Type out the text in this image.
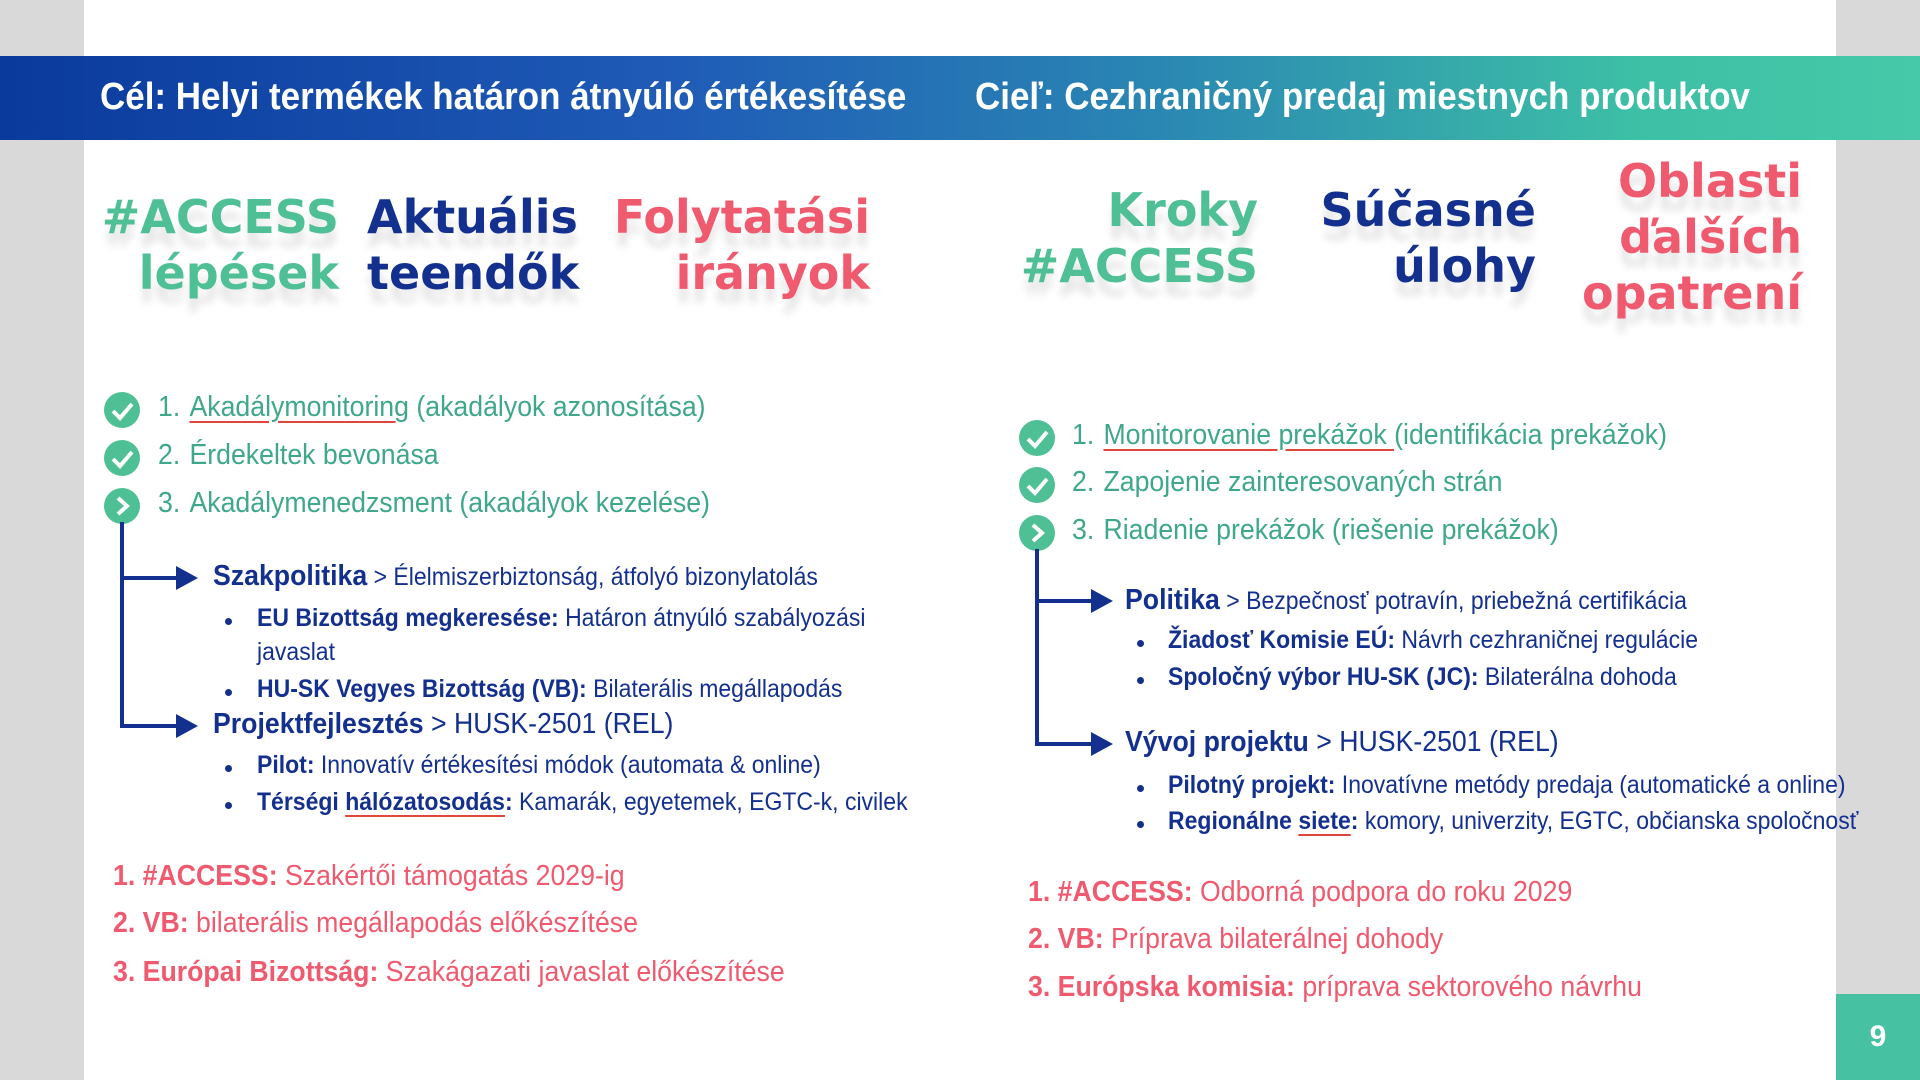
Cél: Helyi termékek határon átnyúló értékesítése Cieľ: Cezhraničný predaj miestnych produktov
#ACCESS
lépések
Aktuális
teendők
Folytatási
irányok
Kroky
#ACCESS
Súčasné
úlohy
Oblasti
ďalších
opatrení
1. Akadálymonitoring (akadályok azonosítása)
2. Érdekeltek bevonása
3. Akadálymenedzsment (akadályok kezelése)
Szakpolitika > Élelmiszerbiztonság, átfolyó bizonylatolás
EU Bizottság megkeresése: Határon átnyúló szabályozási
javaslat
HU-SK Vegyes Bizottság (VB): Bilaterális megállapodás
Projektfejlesztés > HUSK-2501 (REL)
Pilot: Innovatív értékesítési módok (automata & online)
Térségi hálózatosodás: Kamarák, egyetemek, EGTC-k, civilek
1. #ACCESS: Szakértői támogatás 2029-ig
2. VB: bilaterális megállapodás előkészítése
3. Európai Bizottság: Szakágazati javaslat előkészítése
1. Monitorovanie prekážok (identifikácia prekážok)
2. Zapojenie zainteresovaných strán
3. Riadenie prekážok (riešenie prekážok)
Politika > Bezpečnosť potravín, priebežná certifikácia
Žiadosť Komisie EÚ: Návrh cezhraničnej regulácie
Spoločný výbor HU-SK (JC): Bilaterálna dohoda
Vývoj projektu > HUSK-2501 (REL)
Pilotný projekt: Inovatívne metódy predaja (automatické a online)
Regionálne siete: komory, univerzity, EGTC, občianska spoločnosť
1. #ACCESS: Odborná podpora do roku 2029
2. VB: Príprava bilaterálnej dohody
3. Európska komisia: príprava sektorového návrhu
9
